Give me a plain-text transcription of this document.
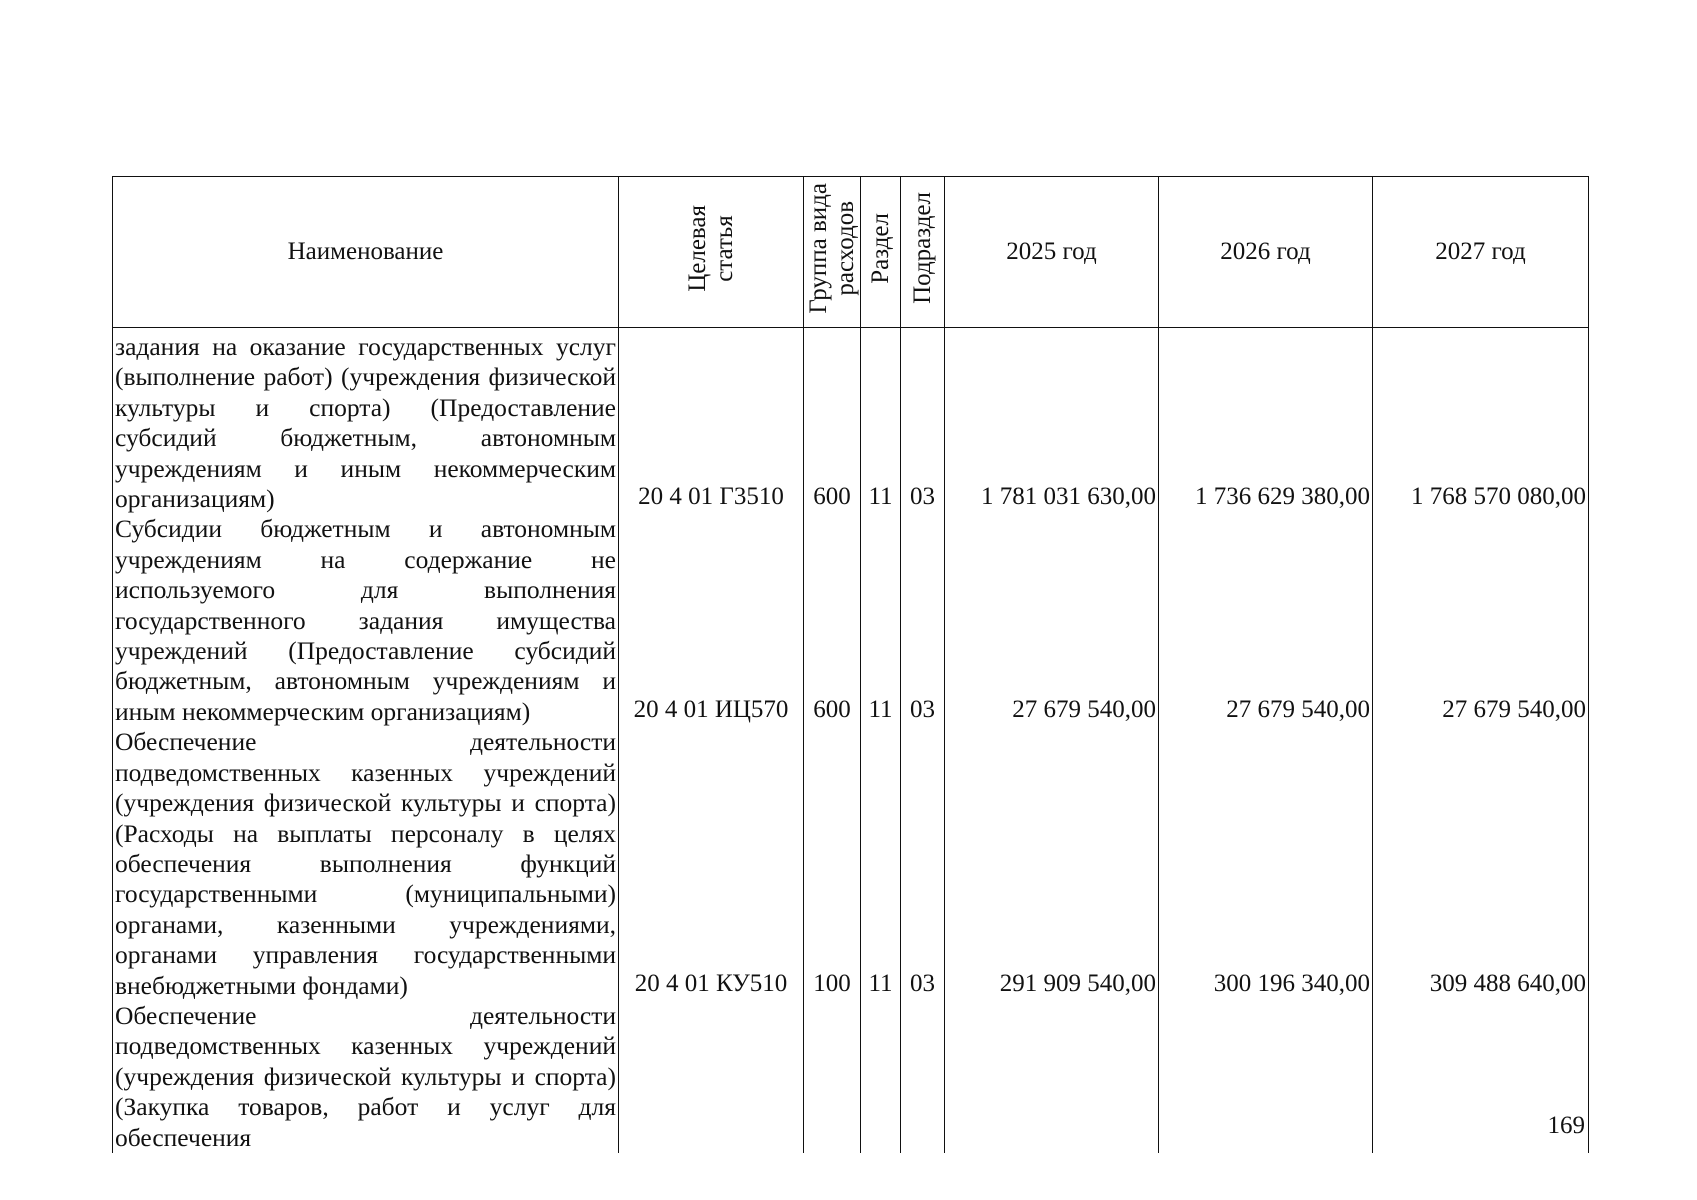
Наименование	Целевая статья	Группа вида расходов	Раздел	Подраздел	2025 год	2026 год	2027 год
задания на оказание государственных услуг (выполнение работ) (учреждения физической культуры и спорта) (Предоставление субсидий бюджетным, автономным учреждениям и иным некоммерческим организациям)	20 4 01 Г3510	600	11	03	1 781 031 630,00	1 736 629 380,00	1 768 570 080,00
Субсидии бюджетным и автономным учреждениям на содержание не используемого для выполнения государственного задания имущества учреждений (Предоставление субсидий бюджетным, автономным учреждениям и иным некоммерческим организациям)	20 4 01 ИЦ570	600	11	03	27 679 540,00	27 679 540,00	27 679 540,00
Обеспечение деятельности подведомственных казенных учреждений (учреждения физической культуры и спорта) (Расходы на выплаты персоналу в целях обеспечения выполнения функций государственными (муниципальными) органами, казенными учреждениями, органами управления государственными внебюджетными фондами)	20 4 01 КУ510	100	11	03	291 909 540,00	300 196 340,00	309 488 640,00
Обеспечение деятельности подведомственных казенных учреждений (учреждения физической культуры и спорта) (Закупка товаров, работ и услуг для обеспечения								169
